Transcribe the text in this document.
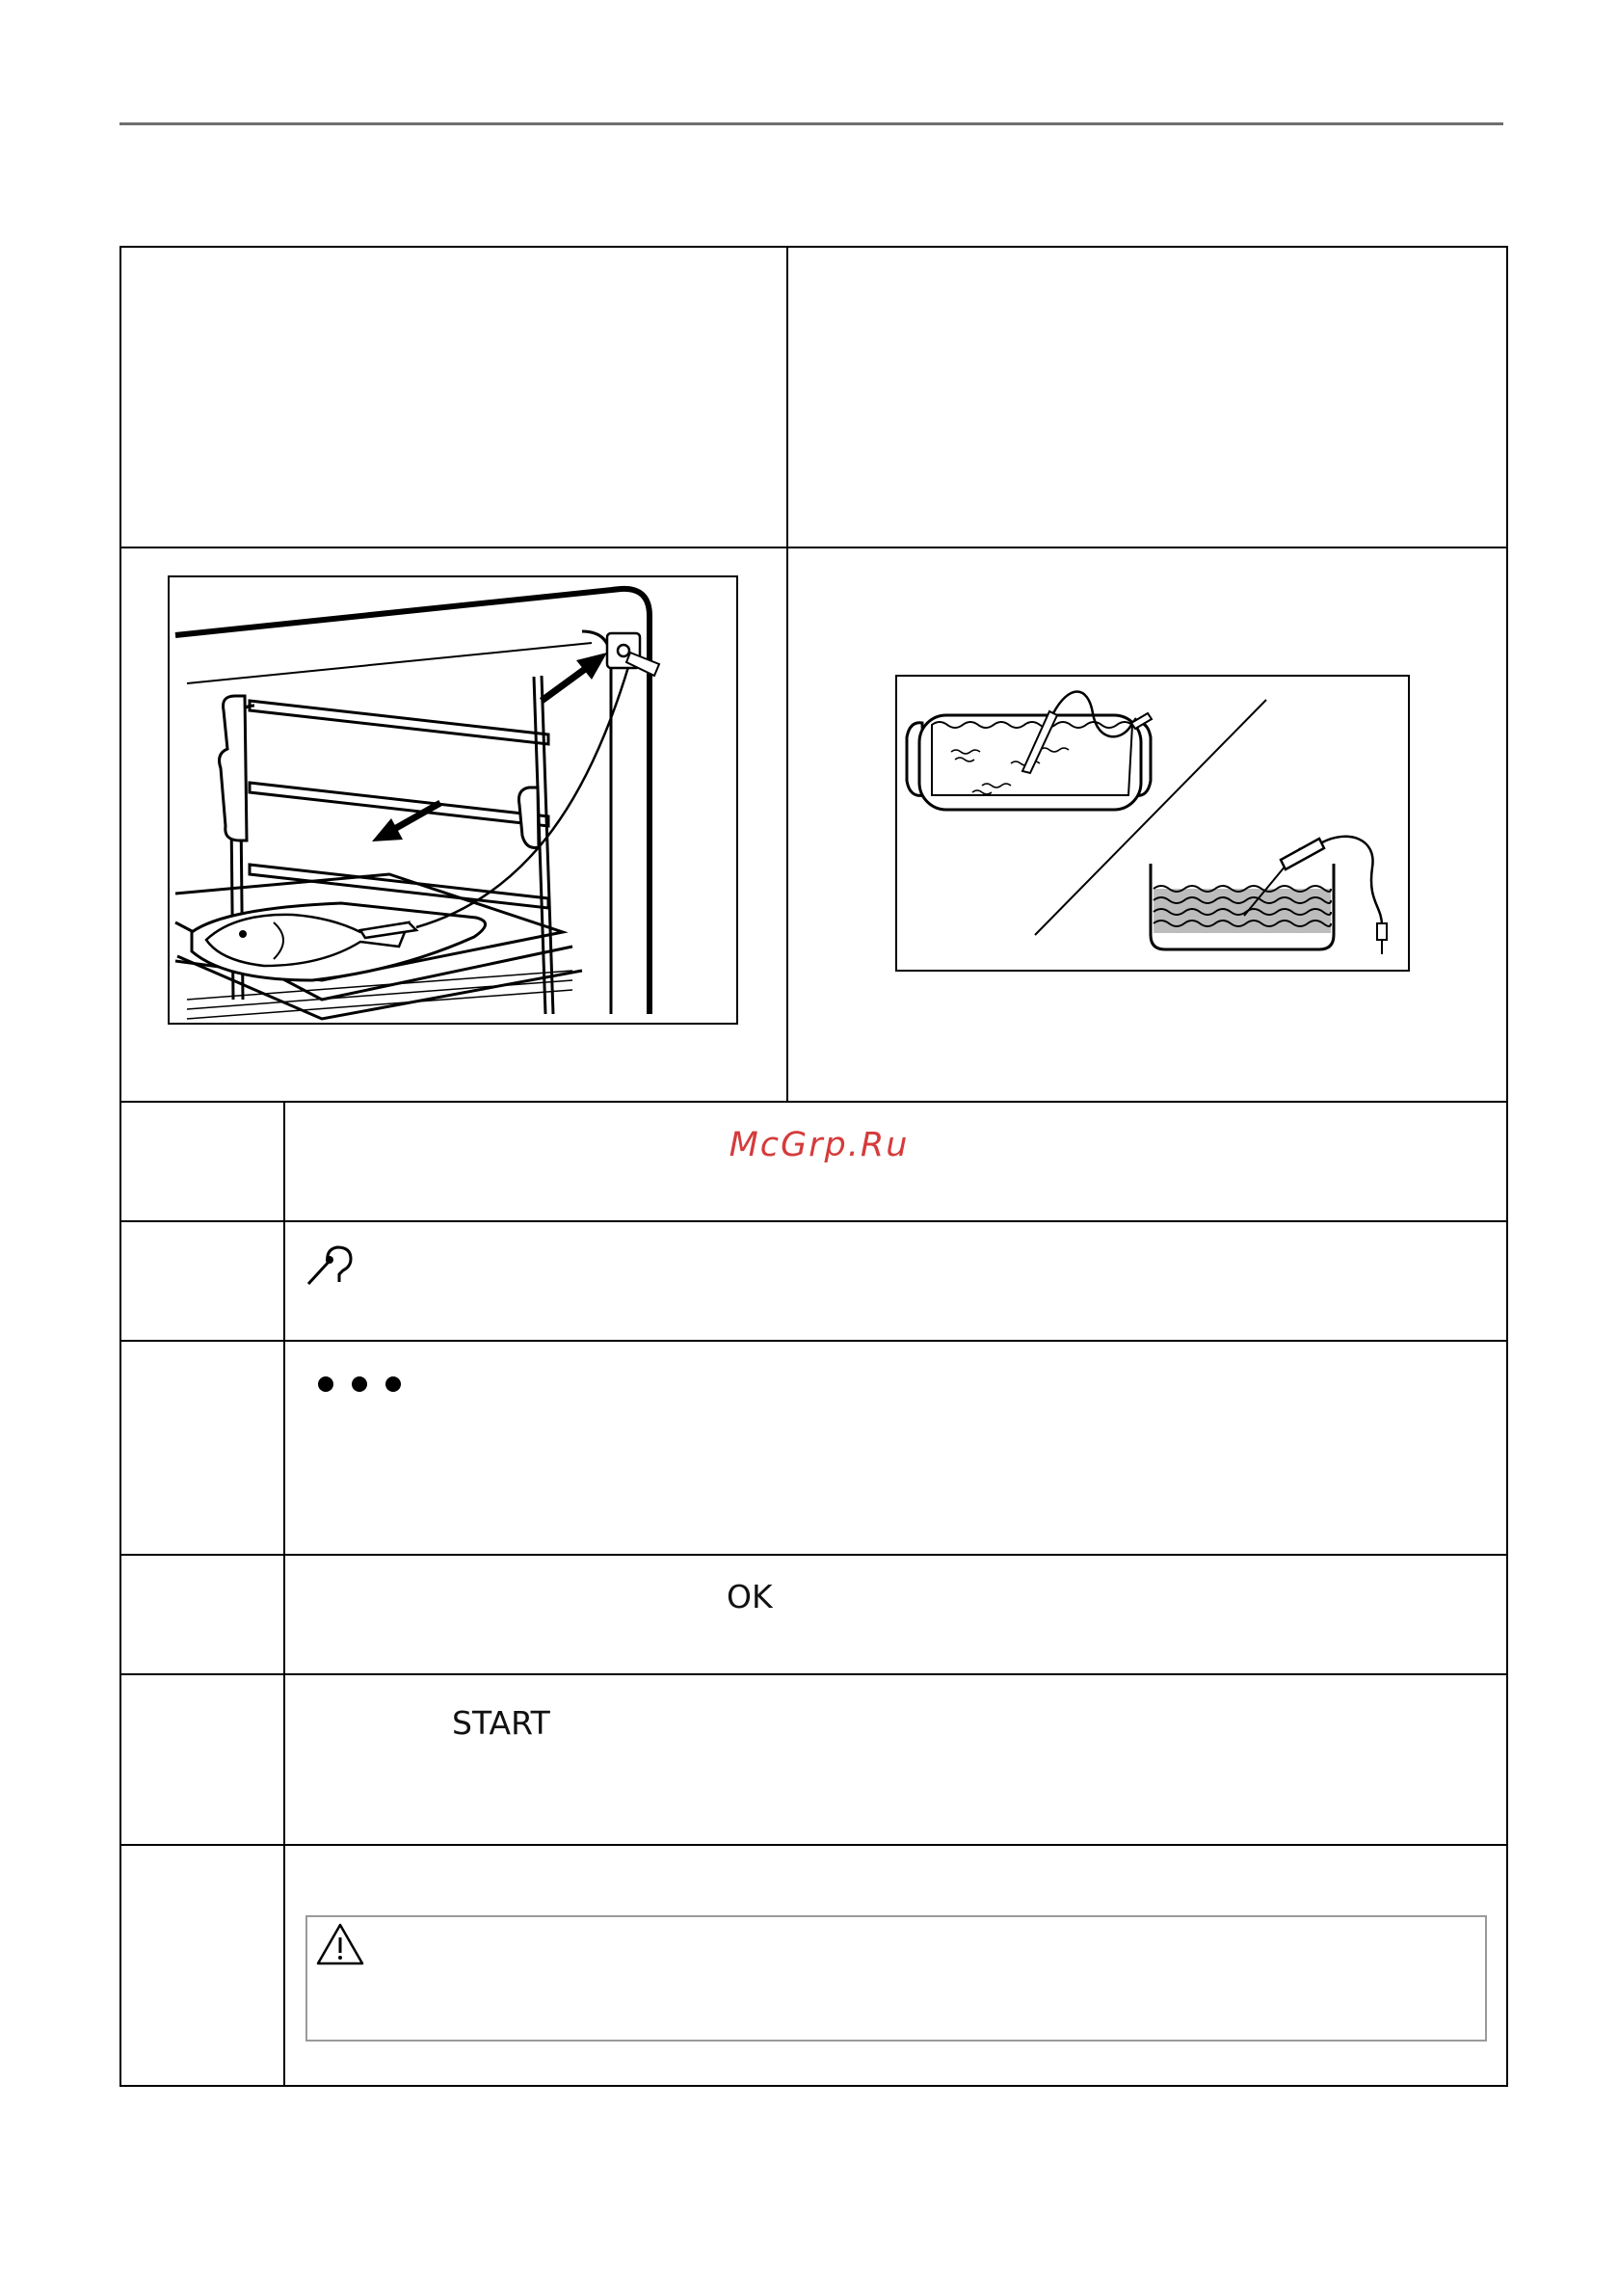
McGrp.Ru
OK
START
